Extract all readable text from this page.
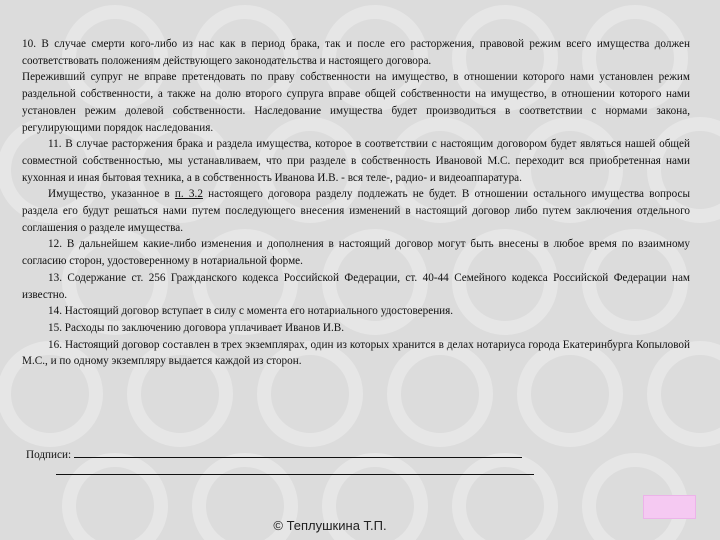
10. В случае смерти кого-либо из нас как в период брака, так и после его расторжения, правовой режим всего имущества должен соответствовать положениям действующего законодательства и настоящего договора.

Переживший супруг не вправе претендовать по праву собственности на имущество, в отношении которого нами установлен режим раздельной собственности, а также на долю второго супруга вправе общей собственности на имущество, в отношении которого нами установлен режим долевой собственности. Наследование имущества будет производиться в соответствии с нормами закона, регулирующими порядок наследования.

11. В случае расторжения брака и раздела имущества, которое в соответствии с настоящим договором будет являться нашей общей совместной собственностью, мы устанавливаем, что при разделе в собственность Ивановой М.С. переходит вся приобретенная нами кухонная и иная бытовая техника, а в собственность Иванова И.В. - вся теле-, радио- и видеоаппаратура.

Имущество, указанное в п. 3.2 настоящего договора разделу подлежать не будет. В отношении остального имущества вопросы раздела его будут решаться нами путем последующего внесения изменений в настоящий договор либо путем заключения отдельного соглашения о разделе имущества.

12. В дальнейшем какие-либо изменения и дополнения в настоящий договор могут быть внесены в любое время по взаимному согласию сторон, удостоверенному в нотариальной форме.

13. Содержание ст. 256 Гражданского кодекса Российской Федерации, ст. 40-44 Семейного кодекса Российской Федерации нам известно.

14. Настоящий договор вступает в силу с момента его нотариального удостоверения.

15. Расходы по заключению договора уплачивает Иванов И.В.

16. Настоящий договор составлен в трех экземплярах, один из которых хранится в делах нотариуса города Екатеринбурга Копыловой М.С., и по одному экземпляру выдается каждой из сторон.

Подписи:
© Теплушкина Т.П.
